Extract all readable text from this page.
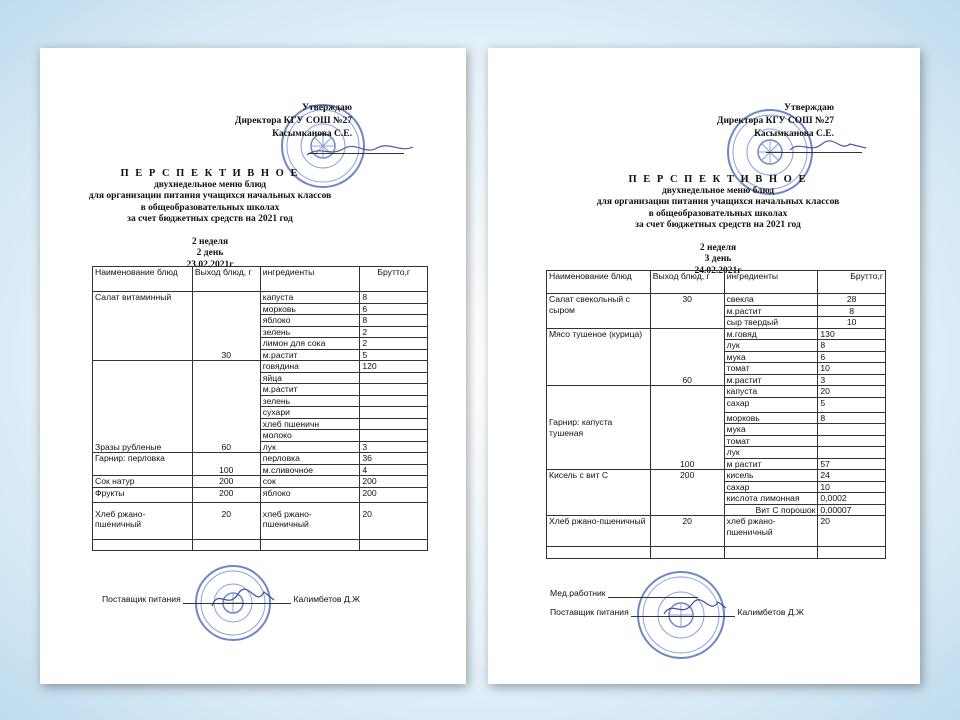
Утверждаю
Директора КГУ СОШ №27
Касымканова С.Е.
П Е Р С П Е К Т И В Н О Е
двухнедельное меню блюд
для организации питания учащихся начальных классов
в общеобразовательных школах
за счет бюджетных средств на 2021 год
2 неделя
2 день
23.02.2021г
Наименование блюд	Выход блюд, г	ингредиенты	Брутто,г
Салат витаминный	30	капуста	8
		морковь	6
		яблоко	8
		зелень	2
		лимон для сока	2
		м.растит	5
Зразы рубленые	60	говядина	120
		яйца	
		м.растит	
		зелень	
		сухари	
		хлеб пшеничн	
		молоко	
		лук	3
Гарнир: перловка	100	перловка	36
		м.сливочное	4
Сок натур	200	сок	200
Фрукты	200	яблоко	200
Хлеб ржано-пшеничный	20	хлеб ржано-пшеничный	20

Поставщик питания	Калимбетов Д.Ж
Утверждаю
Директора КГУ СОШ №27
Касымканова С.Е.
П Е Р С П Е К Т И В Н О Е
двухнедельное меню блюд
для организации питания учащихся начальных классов
в общеобразовательных школах
за счет бюджетных средств на 2021 год
2 неделя
3 день
24.02.2021г
Наименование блюд	Выход блюд, г	ингредиенты	Брутто,г
Салат свекольный с сыром	30	свекла	28
		м.растит	8
		сыр твердый	10
Мясо тушеное (курица)	60	м.говяд	130
		лук	8
		мука	6
		томат	10
		м.растит	3
Гарнир: капуста тушеная	100	капуста	20
		сахар	5
		морковь	8
		мука	
		томат	
		лук	
		м растит	57
Кисель с вит С	200	кисель	24
		сахар	10
		кислота лимонная	0,0002
		Вит С порошок	0,00007
Хлеб ржано-пшеничный	20	хлеб ржано-пшеничный	20

Мед.работник
Поставщик питания	Калимбетов Д.Ж
